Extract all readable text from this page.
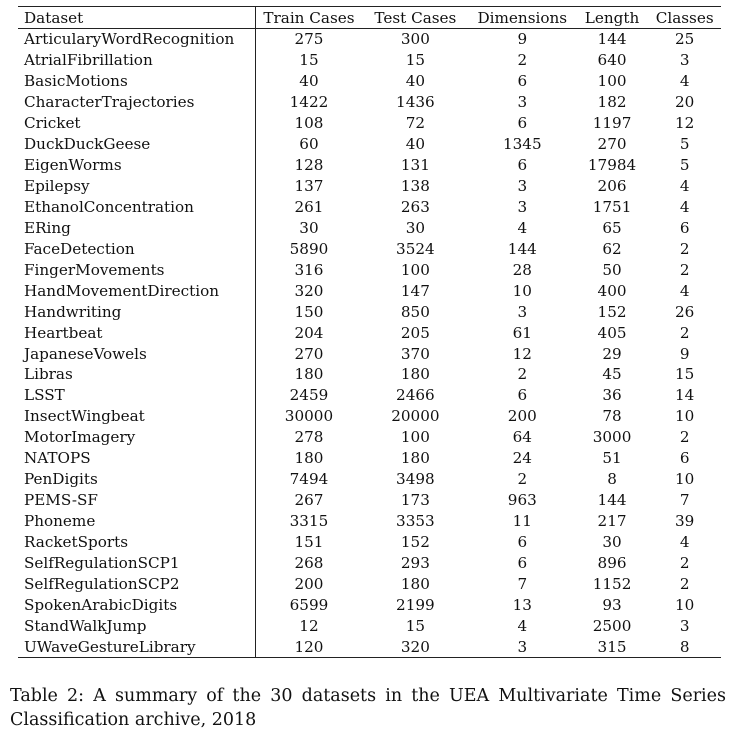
Dataset	Train Cases	Test Cases	Dimensions	Length	Classes
ArticularyWordRecognition	275	300	9	144	25
AtrialFibrillation	15	15	2	640	3
BasicMotions	40	40	6	100	4
CharacterTrajectories	1422	1436	3	182	20
Cricket	108	72	6	1197	12
DuckDuckGeese	60	40	1345	270	5
EigenWorms	128	131	6	17984	5
Epilepsy	137	138	3	206	4
EthanolConcentration	261	263	3	1751	4
ERing	30	30	4	65	6
FaceDetection	5890	3524	144	62	2
FingerMovements	316	100	28	50	2
HandMovementDirection	320	147	10	400	4
Handwriting	150	850	3	152	26
Heartbeat	204	205	61	405	2
JapaneseVowels	270	370	12	29	9
Libras	180	180	2	45	15
LSST	2459	2466	6	36	14
InsectWingbeat	30000	20000	200	78	10
MotorImagery	278	100	64	3000	2
NATOPS	180	180	24	51	6
PenDigits	7494	3498	2	8	10
PEMS-SF	267	173	963	144	7
Phoneme	3315	3353	11	217	39
RacketSports	151	152	6	30	4
SelfRegulationSCP1	268	293	6	896	2
SelfRegulationSCP2	200	180	7	1152	2
SpokenArabicDigits	6599	2199	13	93	10
StandWalkJump	12	15	4	2500	3
UWaveGestureLibrary	120	320	3	315	8
Table 2: A summary of the 30 datasets in the UEA Multivariate Time Series Classification archive, 2018
